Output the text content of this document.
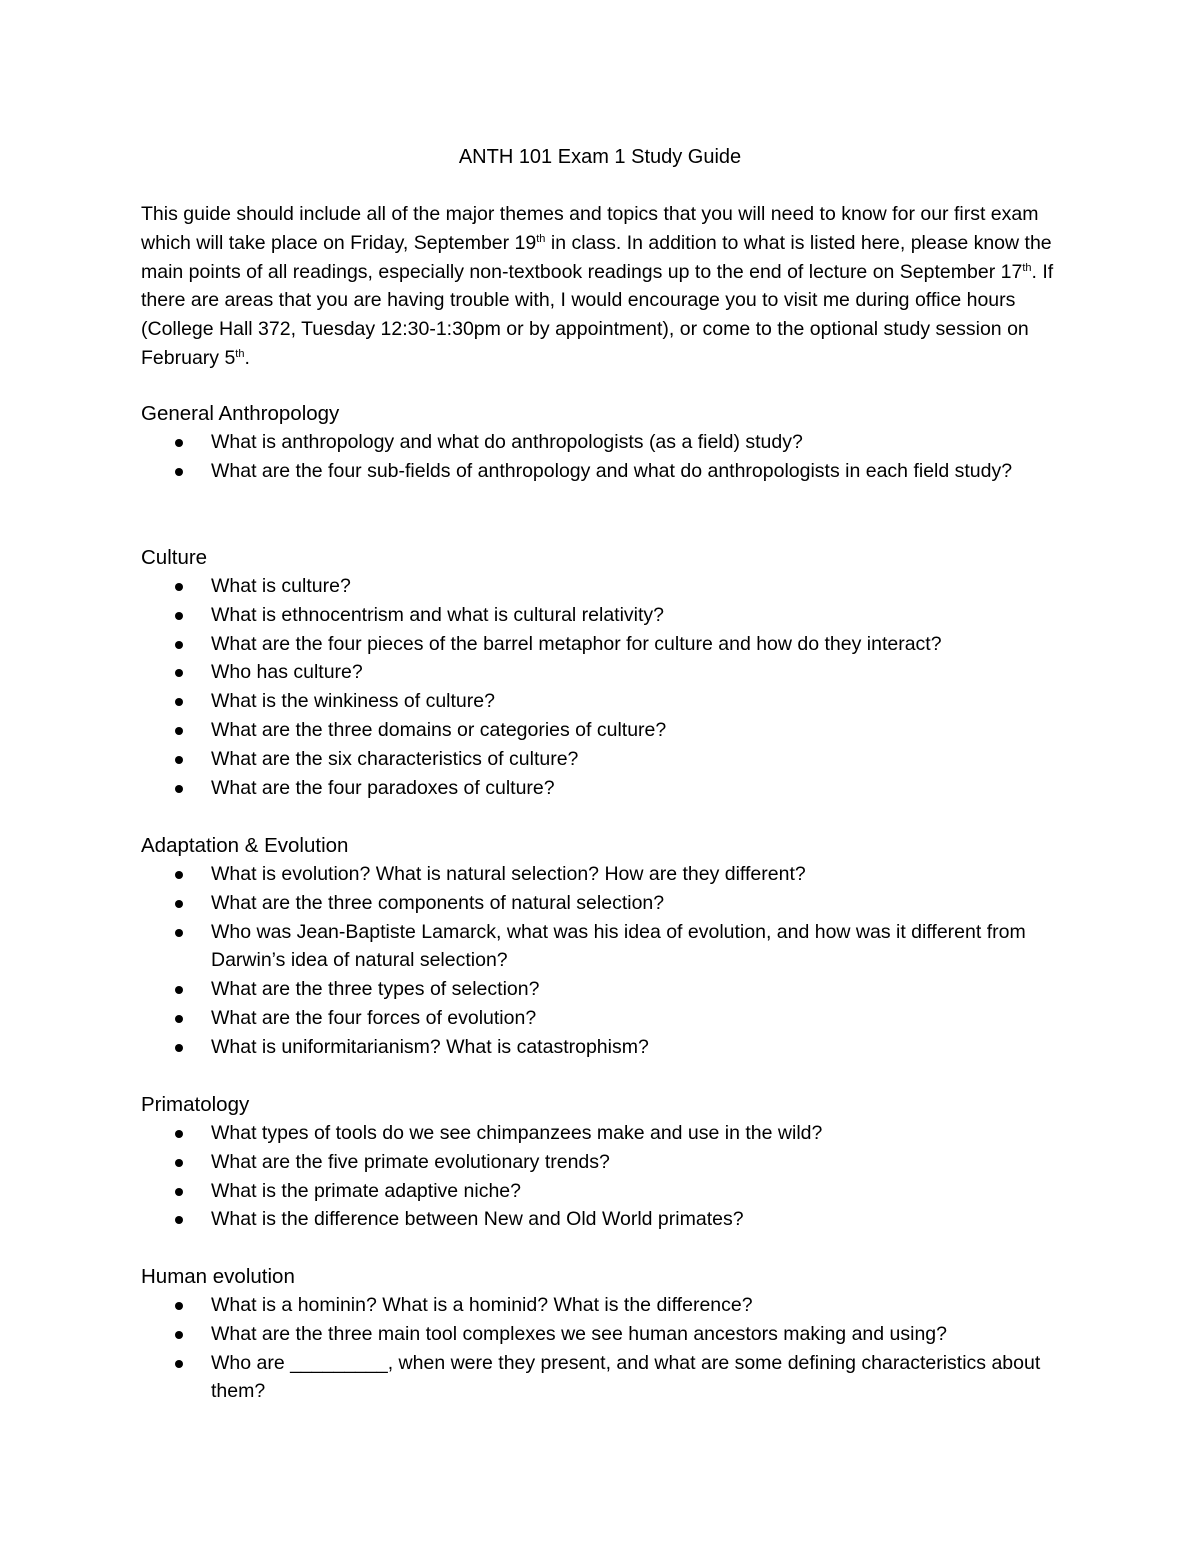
ANTH 101 Exam 1 Study Guide

This guide should include all of the major themes and topics that you will need to know for our first exam which will take place on Friday, September 19th in class. In addition to what is listed here, please know the main points of all readings, especially non-textbook readings up to the end of lecture on September 17th. If there are areas that you are having trouble with, I would encourage you to visit me during office hours (College Hall 372, Tuesday 12:30-1:30pm or by appointment), or come to the optional study session on February 5th.

General Anthropology
What is anthropology and what do anthropologists (as a field) study?
What are the four sub-fields of anthropology and what do anthropologists in each field study?
Culture
What is culture?
What is ethnocentrism and what is cultural relativity?
What are the four pieces of the barrel metaphor for culture and how do they interact?
Who has culture?
What is the winkiness of culture?
What are the three domains or categories of culture?
What are the six characteristics of culture?
What are the four paradoxes of culture?
Adaptation & Evolution
What is evolution? What is natural selection? How are they different?
What are the three components of natural selection?
Who was Jean-Baptiste Lamarck, what was his idea of evolution, and how was it different from Darwin’s idea of natural selection?
What are the three types of selection?
What are the four forces of evolution?
What is uniformitarianism? What is catastrophism?
Primatology
What types of tools do we see chimpanzees make and use in the wild?
What are the five primate evolutionary trends?
What is the primate adaptive niche?
What is the difference between New and Old World primates?
Human evolution
What is a hominin? What is a hominid? What is the difference?
What are the three main tool complexes we see human ancestors making and using?
Who are _________, when were they present, and what are some defining characteristics about them?
